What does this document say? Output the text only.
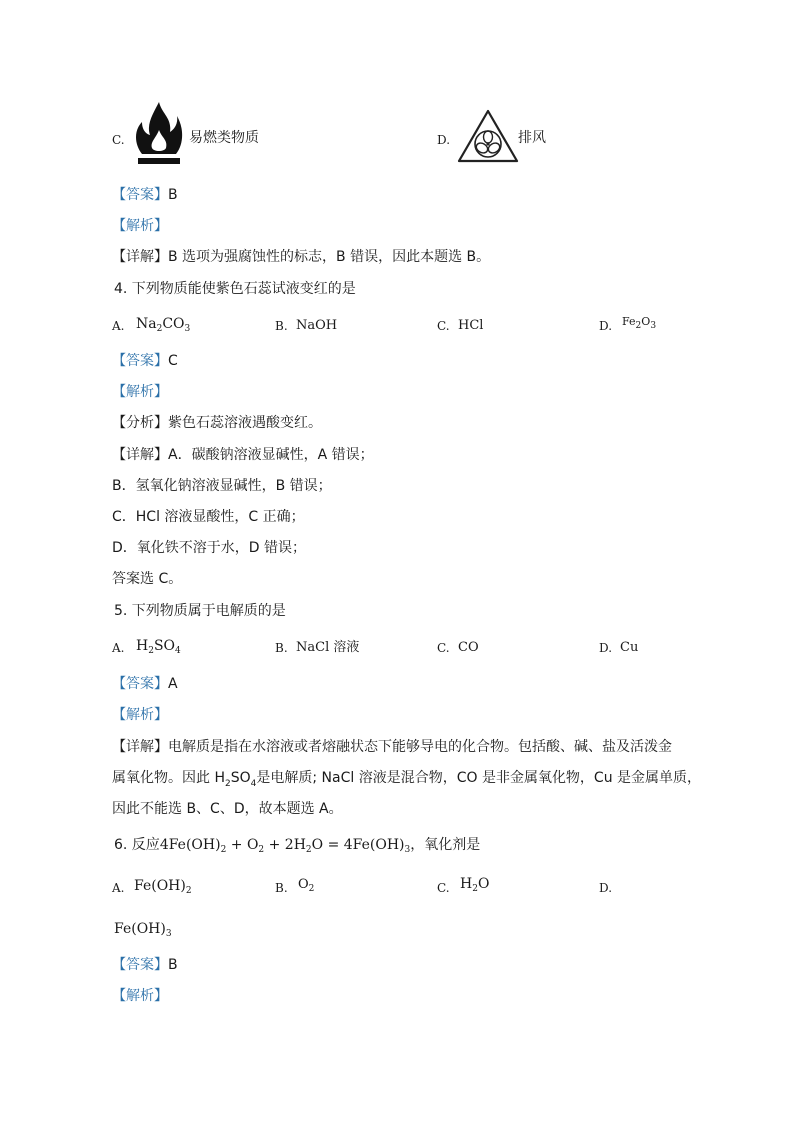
C.	易燃类物质	D.	排风
【答案】B
【解析】
【详解】B 选项为强腐蚀性的标志，B 错误，因此本题选 B。
4. 下列物质能使紫色石蕊试液变红的是
A. $Na_2CO_3$	B. NaOH	C. HCl	D. $Fe_2O_3$
【答案】C
【解析】
【分析】紫色石蕊溶液遇酸变红。
【详解】A．碳酸钠溶液显碱性，A 错误；
B．氢氧化钠溶液显碱性，B 错误；
C．HCl 溶液显酸性，C 正确；
D．氧化铁不溶于水，D 错误；
答案选 C。
5. 下列物质属于电解质的是
A. $H_2SO_4$	B. NaCl 溶液	C. CO	D. Cu
【答案】A
【解析】
【详解】电解质是指在水溶液或者熔融状态下能够导电的化合物。包括酸、碱、盐及活泼金
属氧化物。因此 $H_2SO_4$是电解质; NaCl 溶液是混合物，CO 是非金属氧化物，Cu 是金属单质，
因此不能选 B、C、D，故本题选 A。
6. 反应$4Fe(OH)_2 + O_2 + 2H_2O = 4Fe(OH)_3$，氧化剂是
A. $Fe(OH)_2$	B. $O_2$	C. $H_2O$	D.
$Fe(OH)_3$
【答案】B
【解析】
